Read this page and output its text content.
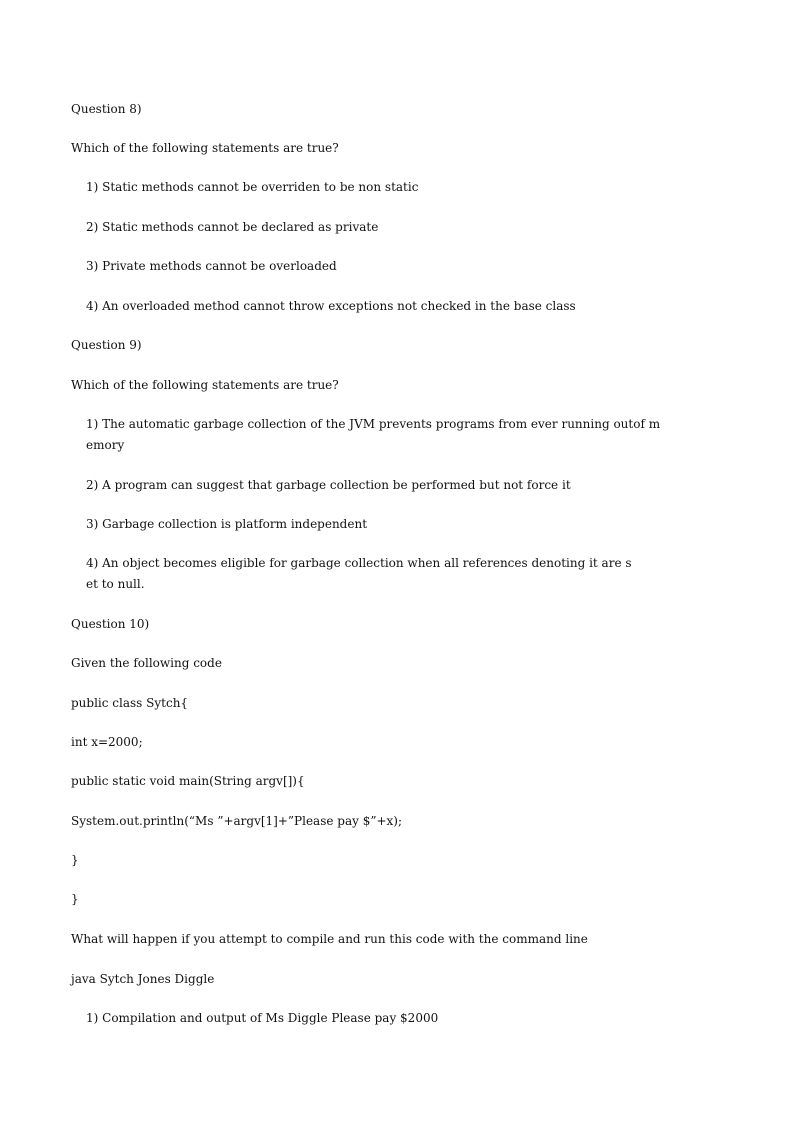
Question 8)
Which of the following statements are true?
1) Static methods cannot be overriden to be non static
2) Static methods cannot be declared as private
3) Private methods cannot be overloaded
4) An overloaded method cannot throw exceptions not checked in the base class
Question 9)
Which of the following statements are true?
1) The automatic garbage collection of the JVM prevents programs from ever running outof m
emory
2) A program can suggest that garbage collection be performed but not force it
3) Garbage collection is platform independent
4) An object becomes eligible for garbage collection when all references denoting it are s
et to null.
Question 10)
Given the following code
public class Sytch{
int x=2000;
public static void main(String argv[]){
System.out.println(“Ms ”+argv[1]+”Please pay $”+x);
}
}
What will happen if you attempt to compile and run this code with the command line
java Sytch Jones Diggle
1) Compilation and output of Ms Diggle Please pay $2000
